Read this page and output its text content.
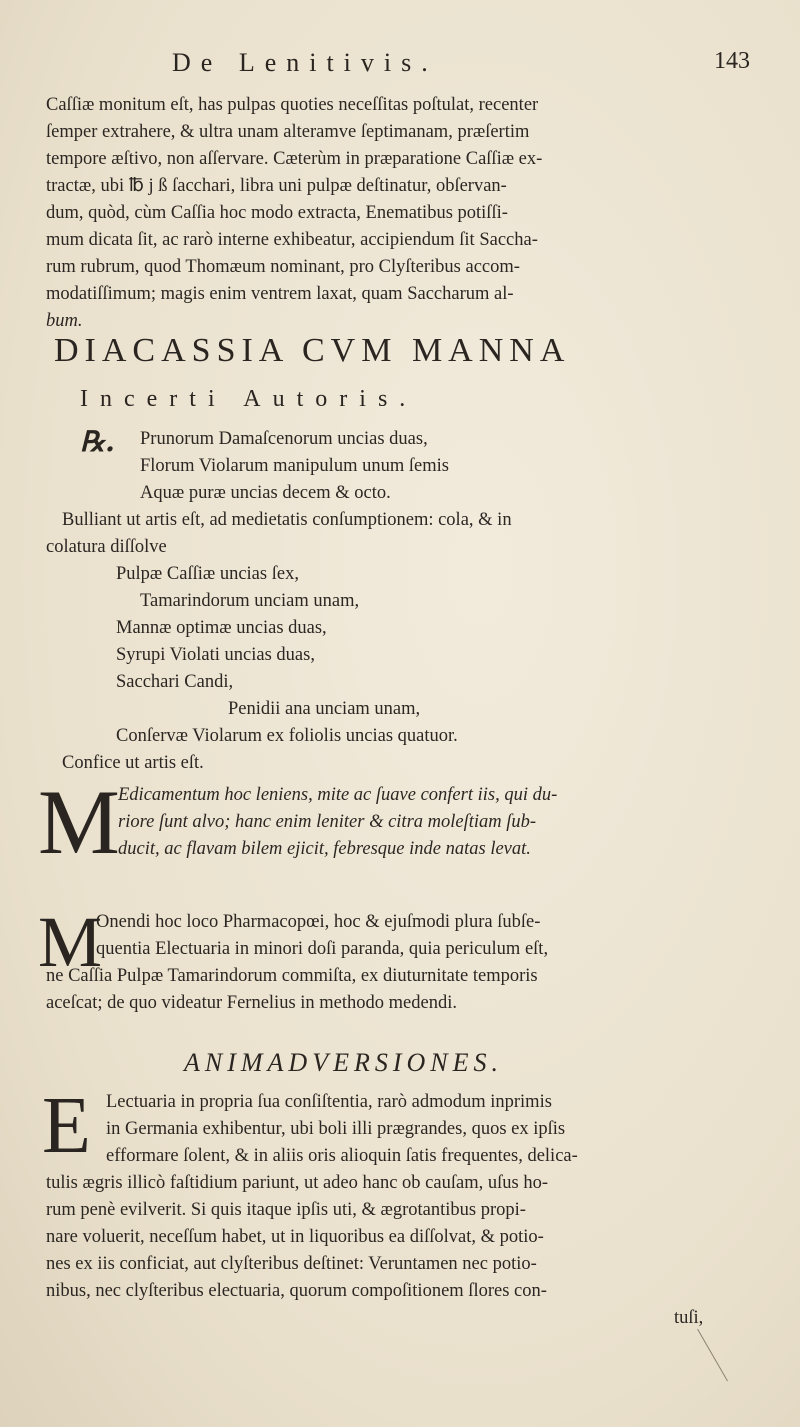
De Lenitivis.	143
Caſſiæ monitum eſt, has pulpas quoties neceſſitas poſtulat, recenter
ſemper extrahere, & ultra unam alteramve ſeptimanam, præſertim
tempore æſtivo, non aſſervare. Cæterùm in præparatione Caſſiæ ex-
tractæ, ubi ℔ j ß ſacchari, libra uni pulpæ deſtinatur, obſervan-
dum, quòd, cùm Caſſia hoc modo extracta, Enematibus potiſſi-
mum dicata ſit, ac rarò interne exhibeatur, accipiendum ſit Saccha-
rum rubrum, quod Thomæum nominant, pro Clyſteribus accom-
modatiſſimum; magis enim ventrem laxat, quam Saccharum al-
bum.
DIACASSIA CVM MANNA
Incerti Autoris.
℞. Prunorum Damaſcenorum uncias duas,
Florum Violarum manipulum unum ſemis
Aquæ puræ uncias decem & octo.
Bulliant ut artis eſt, ad medietatis conſumptionem: cola, & in
colatura diſſolve
Pulpæ Caſſiæ uncias ſex,
Tamarindorum unciam unam,
Mannæ optimæ uncias duas,
Syrupi Violati uncias duas,
Sacchari Candi,
Penidii ana unciam unam,
Conſervæ Violarum ex foliolis uncias quatuor.
Confice ut artis eſt.
M
Edicamentum hoc leniens, mite ac ſuave confert iis, qui du-
riore ſunt alvo; hanc enim leniter & citra moleſtiam ſub-
ducit, ac flavam bilem ejicit, febresque inde natas levat.
M
Onendi hoc loco Pharmacopœi, hoc & ejuſmodi plura ſubſe-
quentia Electuaria in minori doſi paranda, quia periculum eſt,
ne Caſſia Pulpæ Tamarindorum commiſta, ex diuturnitate temporis
aceſcat; de quo videatur Fernelius in methodo medendi.
ANIMADVERSIONES.
E Lectuaria in propria ſua conſiſtentia, rarò admodum inprimis
in Germania exhibentur, ubi boli illi prægrandes, quos ex ipſis
efformare ſolent, & in aliis oris alioquin ſatis frequentes, delica-
tulis ægris illicò faſtidium pariunt, ut adeo hanc ob cauſam, uſus ho-
rum penè evilverit. Si quis itaque ipſis uti, & ægrotantibus propi-
nare voluerit, neceſſum habet, ut in liquoribus ea diſſolvat, & potio-
nes ex iis conficiat, aut clyſteribus deſtinet: Veruntamen nec potio-
nibus, nec clyſteribus electuaria, quorum compoſitionem ſlores con-
tuſi,
